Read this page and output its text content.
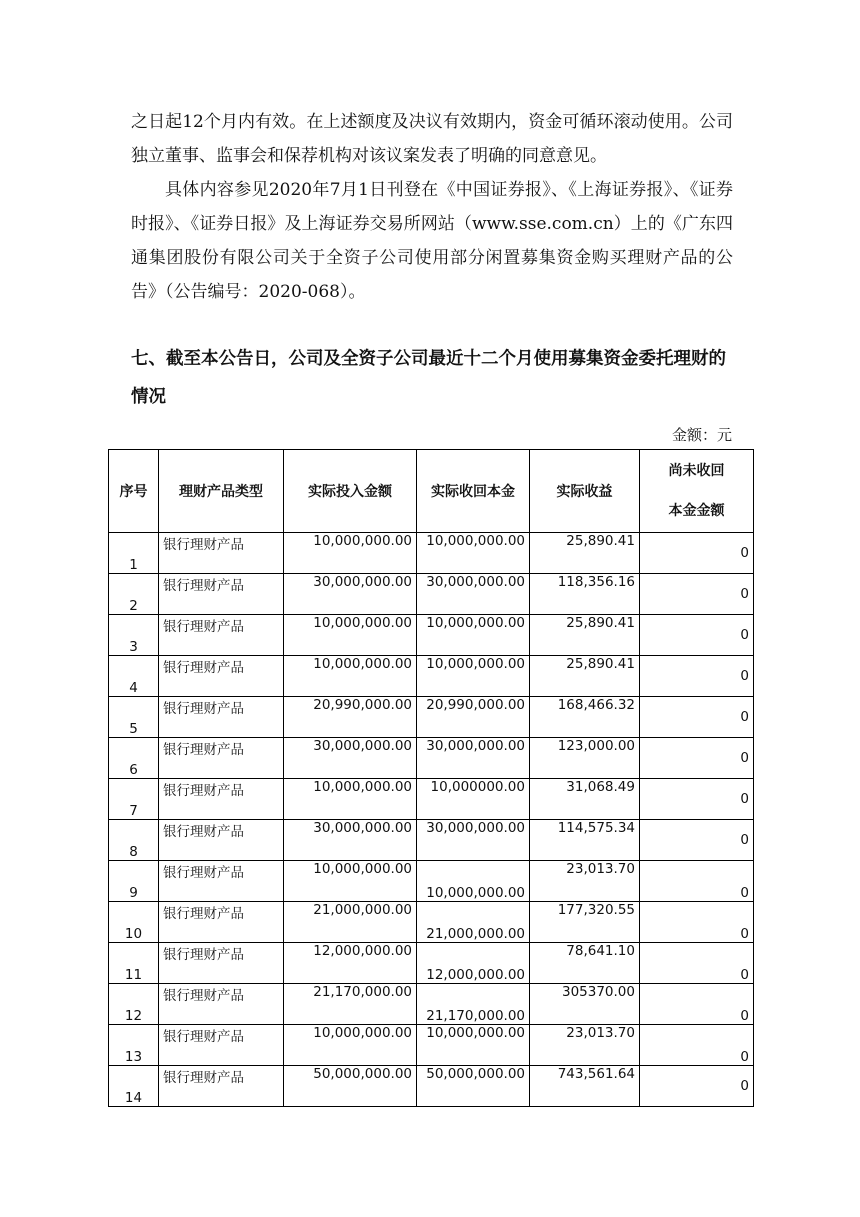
之日起12个月内有效。在上述额度及决议有效期内，资金可循环滚动使用。公司独立董事、监事会和保荐机构对该议案发表了明确的同意意见。

具体内容参见2020年7月1日刊登在《中国证券报》、《上海证券报》、《证券时报》、《证券日报》及上海证券交易所网站（www.sse.com.cn）上的《广东四通集团股份有限公司关于全资子公司使用部分闲置募集资金购买理财产品的公告》（公告编号：2020-068）。

七、截至本公告日，公司及全资子公司最近十二个月使用募集资金委托理财的情况
金额：元
序号	理财产品类型	实际投入金额	实际收回本金	实际收益	尚未收回
本金金额

1	银行理财产品	10,000,000.00	10,000,000.00	25,890.41	0
2	银行理财产品	30,000,000.00	30,000,000.00	118,356.16	0
3	银行理财产品	10,000,000.00	10,000,000.00	25,890.41	0
4	银行理财产品	10,000,000.00	10,000,000.00	25,890.41	0
5	银行理财产品	20,990,000.00	20,990,000.00	168,466.32	0
6	银行理财产品	30,000,000.00	30,000,000.00	123,000.00	0
7	银行理财产品	10,000,000.00	10,000000.00	31,068.49	0
8	银行理财产品	30,000,000.00	30,000,000.00	114,575.34	0
9	银行理财产品	10,000,000.00	10,000,000.00	23,013.70	0
10	银行理财产品	21,000,000.00	21,000,000.00	177,320.55	0
11	银行理财产品	12,000,000.00	12,000,000.00	78,641.10	0
12	银行理财产品	21,170,000.00	21,170,000.00	305370.00	0
13	银行理财产品	10,000,000.00	10,000,000.00	23,013.70	0
14	银行理财产品	50,000,000.00	50,000,000.00	743,561.64	0
